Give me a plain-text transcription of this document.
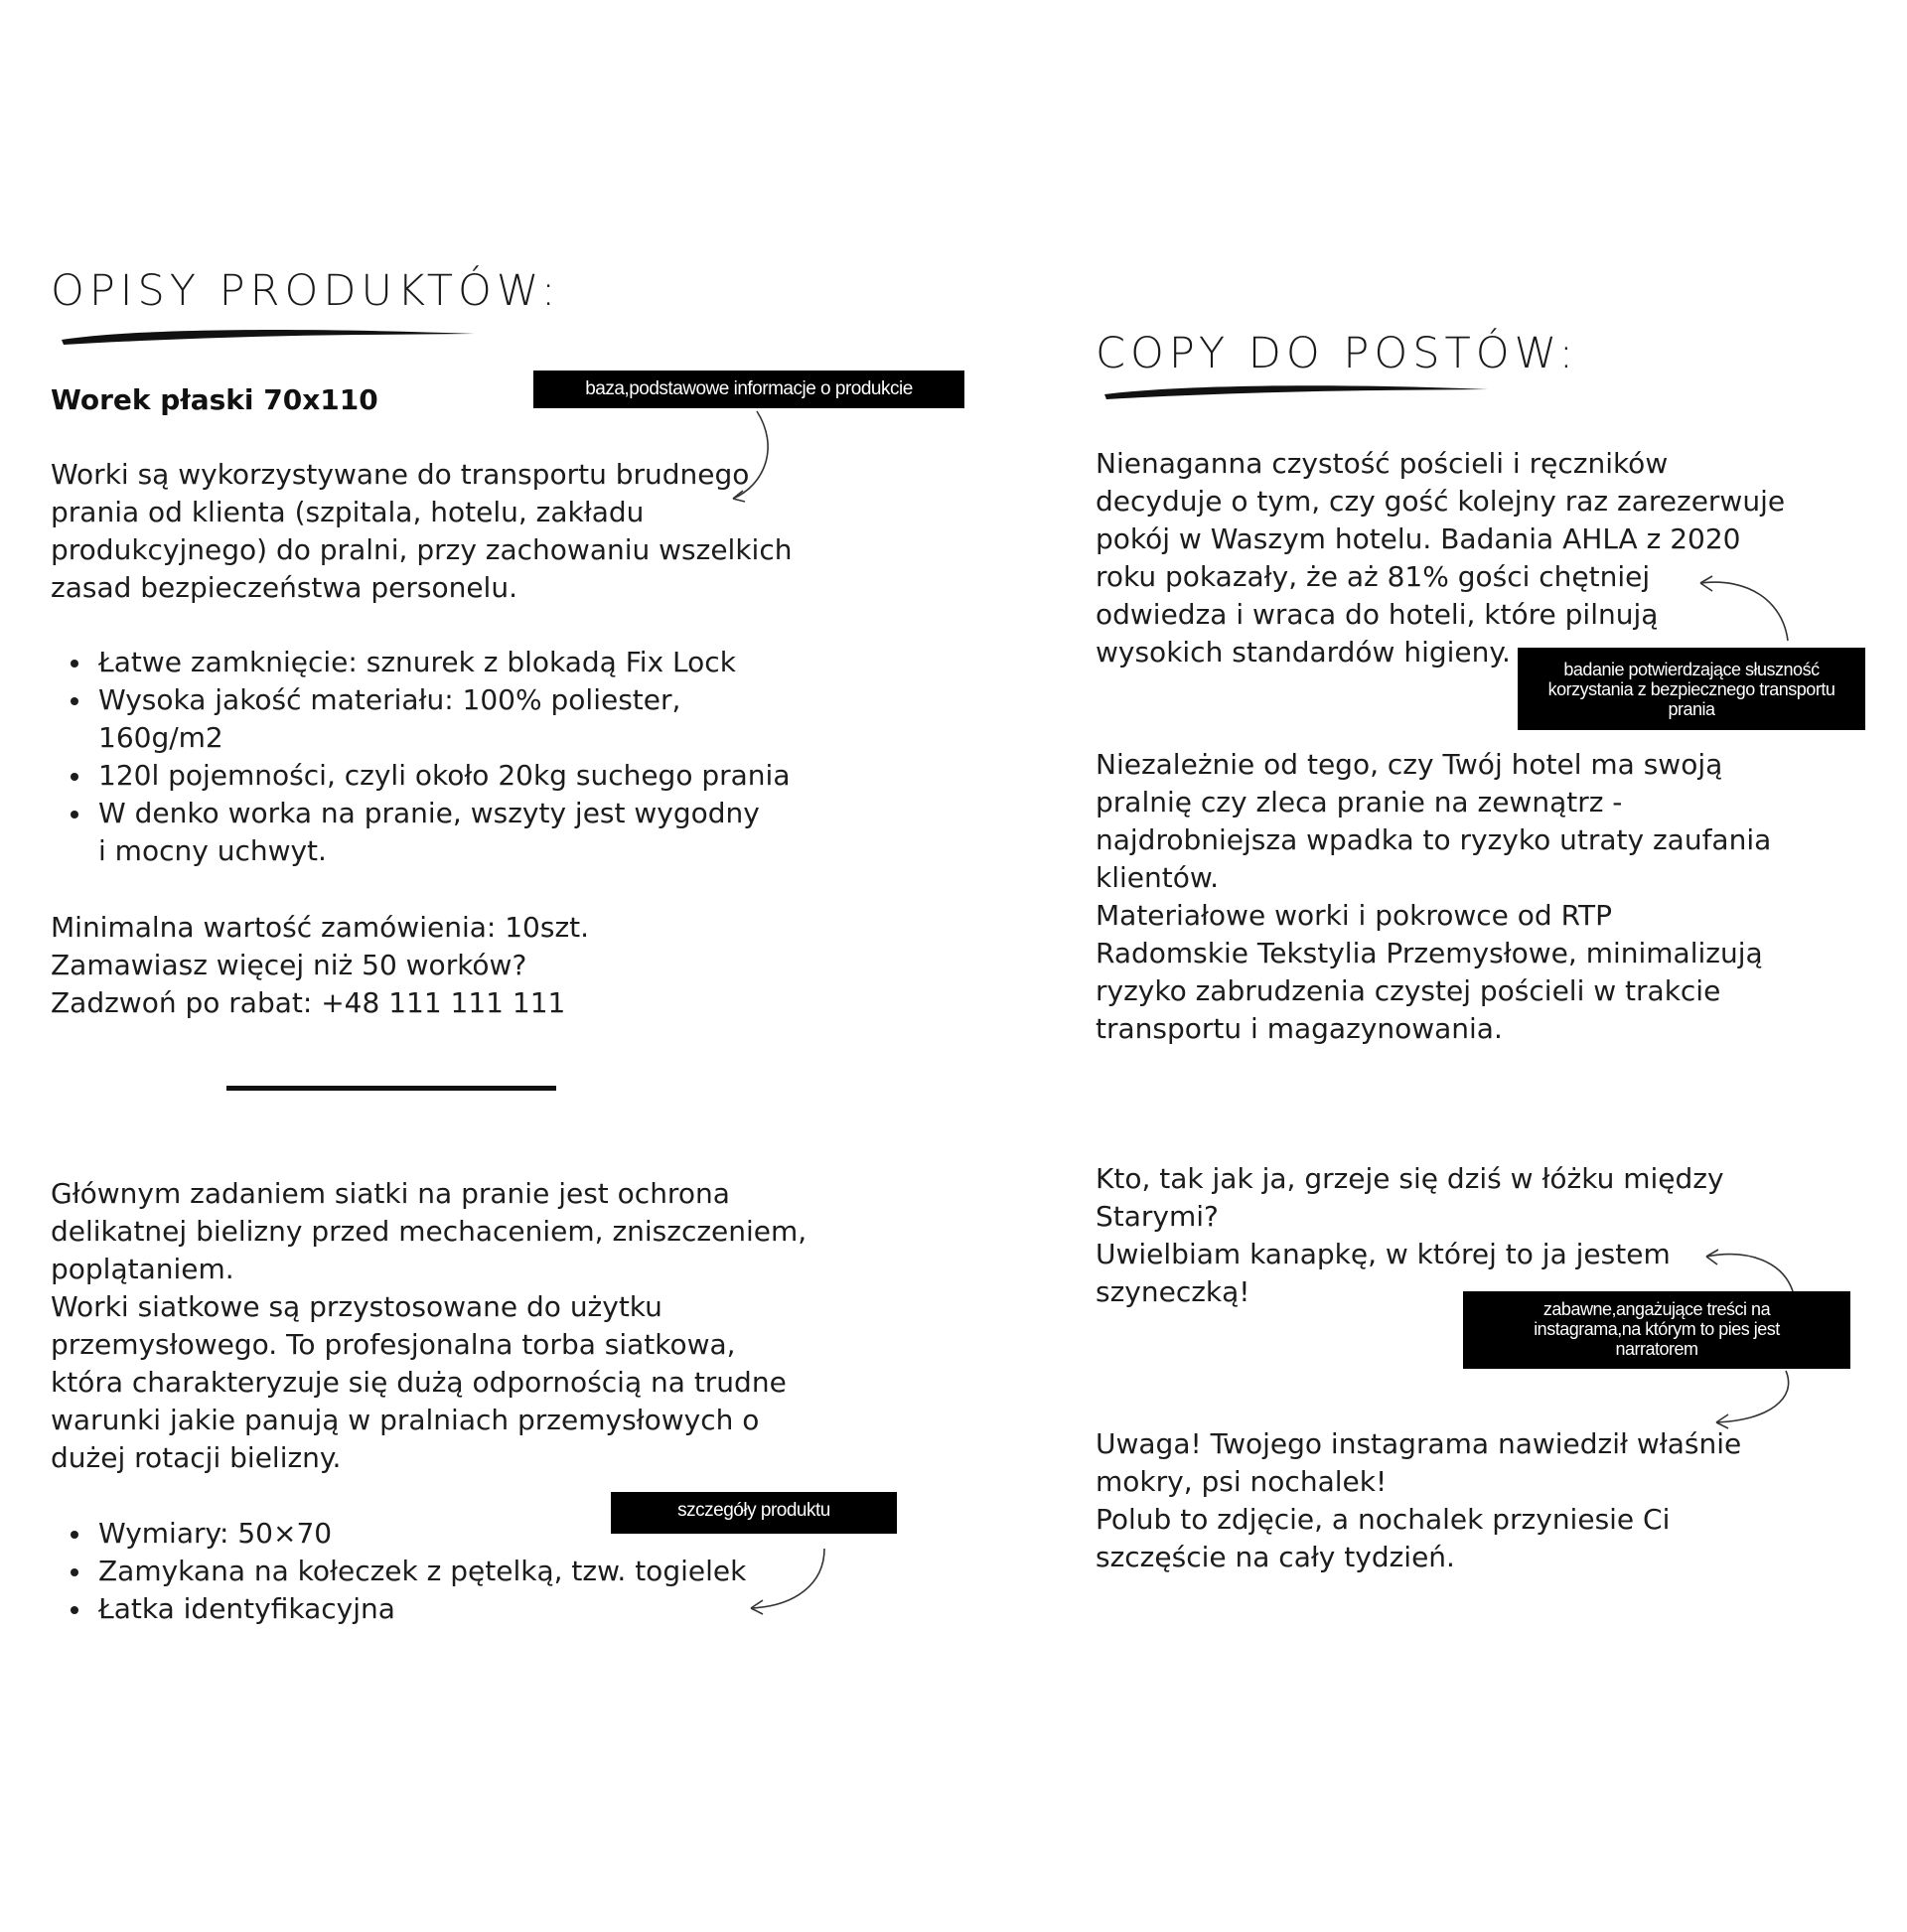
OPISY PRODUKTÓW:
Worek płaski 70x110	baza,podstawowe informacje o produkcie
Worki są wykorzystywane do transportu brudnego
prania od klienta (szpitala, hotelu, zakładu
produkcyjnego) do pralni, przy zachowaniu wszelkich
zasad bezpieczeństwa personelu.
Łatwe zamknięcie: sznurek z blokadą Fix Lock
Wysoka jakość materiału: 100% poliester,
160g/m2
120l pojemności, czyli około 20kg suchego prania
W denko worka na pranie, wszyty jest wygodny
i mocny uchwyt.
Minimalna wartość zamówienia: 10szt.
Zamawiasz więcej niż 50 worków?
Zadzwoń po rabat: +48 111 111 111
Głównym zadaniem siatki na pranie jest ochrona
delikatnej bielizny przed mechaceniem, zniszczeniem,
poplątaniem.
Worki siatkowe są przystosowane do użytku
przemysłowego. To profesjonalna torba siatkowa,
która charakteryzuje się dużą odpornością na trudne
warunki jakie panują w pralniach przemysłowych o
dużej rotacji bielizny.
szczegóły produktu
Wymiary: 50×70
Zamykana na kołeczek z pętelką, tzw. togielek
Łatka identyfikacyjna
COPY DO POSTÓW:
Nienaganna czystość pościeli i ręczników
decyduje o tym, czy gość kolejny raz zarezerwuje
pokój w Waszym hotelu. Badania AHLA z 2020
roku pokazały, że aż 81% gości chętniej
odwiedza i wraca do hoteli, które pilnują
wysokich standardów higieny.
badanie potwierdzające słuszność
korzystania z bezpiecznego transportu
prania
Niezależnie od tego, czy Twój hotel ma swoją
pralnię czy zleca pranie na zewnątrz -
najdrobniejsza wpadka to ryzyko utraty zaufania
klientów.
Materiałowe worki i pokrowce od RTP
Radomskie Tekstylia Przemysłowe, minimalizują
ryzyko zabrudzenia czystej pościeli w trakcie
transportu i magazynowania.
Kto, tak jak ja, grzeje się dziś w łóżku między
Starymi?
Uwielbiam kanapkę, w której to ja jestem
szyneczką!
zabawne,angażujące treści na
instagrama,na którym to pies jest
narratorem
Uwaga! Twojego instagrama nawiedził właśnie
mokry, psi nochalek!
Polub to zdjęcie, a nochalek przyniesie Ci
szczęście na cały tydzień.
